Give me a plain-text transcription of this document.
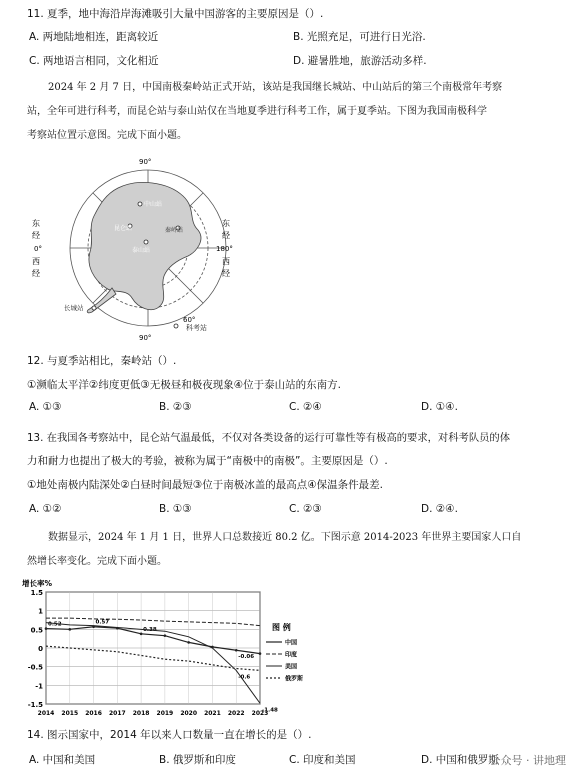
11. 夏季，地中海沿岸海滩吸引大量中国游客的主要原因是（）.
A. 两地陆地相连，距离较近	B. 光照充足，可进行日光浴.
C. 两地语言相同，文化相近	D. 避暑胜地，旅游活动多样.
2024 年 2 月 7 日，中国南极秦岭站正式开站，该站是我国继长城站、中山站后的第三个南极常年考察
站，全年可进行科考，而昆仑站与泰山站仅在当地夏季进行科考工作，属于夏季站。下图为我国南极科学
考察站位置示意图。完成下面小题。
中山站
昆仑站	秦岭站
泰山站
长城站
科考站
90°
90°
180°
0°
60°
东
经
西
经
东
经
西
经
12. 与夏季站相比，秦岭站（）.
①濒临太平洋②纬度更低③无极昼和极夜现象④位于泰山站的东南方.
A. ①③	B. ②③	C. ②④	D. ①④.
13. 在我国各考察站中，昆仑站气温最低，不仅对各类设备的运行可靠性等有极高的要求，对科考队员的体
力和耐力也提出了极大的考验，被称为属于“南极中的南极”。主要原因是（）.
①地处南极内陆深处②白昼时间最短③位于南极冰盖的最高点④保温条件最差.
A. ①②	B. ①③	C. ②③	D. ②④.
数据显示，2024 年 1 月 1 日，世界人口总数接近 80.2 亿。下图示意 2014-2023 年世界主要国家人口自
然增长率变化。完成下面小题。
1.5
1
0.5
0
-0.5
-1
-1.5
2014 2015 2016 2017 2018 2019 2020 2021 2022 2023
增长率%
0.52	0.57
0.38
-0.06
-0.6
-1.48
图 例
中国
印度
美国
俄罗斯
14. 图示国家中，2014 年以来人口数量一直在增长的是（）.
A. 中国和美国	B. 俄罗斯和印度	C. 印度和美国	D. 中国和俄罗斯
公众号 · 讲地理
